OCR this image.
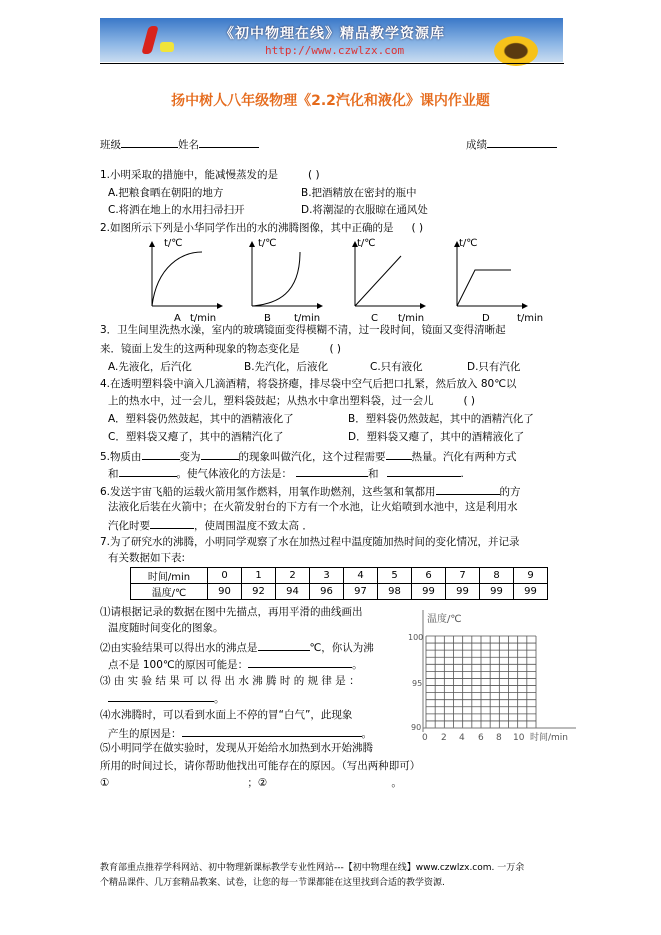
《初中物理在线》精品教学资源库
http://www.czwlzx.com
扬中树人八年级物理《2.2汽化和液化》课内作业题
班级	姓名	成绩
1.小明采取的措施中，能减慢蒸发的是	( )
A.把粮食晒在朝阳的地方	B.把酒精放在密封的瓶中
C.将洒在地上的水用扫帚扫开	D.将潮湿的衣服晾在通风处
2.如图所示下列是小华同学作出的水的沸腾图像，其中正确的是 ( )
t/℃
A t/min
t/℃
B t/min
t/℃
C t/min
t/℃
D	t/min
3．卫生间里洗热水澡，室内的玻璃镜面变得模糊不清，过一段时间，镜面又变得清晰起
来．镜面上发生的这两种现象的物态变化是	( )
A.先液化，后汽化	B.先汽化，后液化	C.只有液化	D.只有汽化
4.在透明塑料袋中滴入几滴酒精，将袋挤瘪，排尽袋中空气后把口扎紧，然后放入 80℃以
上的热水中，过一会儿，塑料袋鼓起；从热水中拿出塑料袋，过一会儿	( )
A．塑料袋仍然鼓起，其中的酒精液化了	B．塑料袋仍然鼓起，其中的酒精汽化了
C．塑料袋又瘪了，其中的酒精汽化了	D．塑料袋又瘪了，其中的酒精液化了
5.物质由	变为	的现象叫做汽化，这个过程需要 热量。汽化有两种方式
和	。使气体液化的方法是：	和	.
6.发送宇宙飞船的运载火箭用氢作燃料，用氧作助燃剂，这些氢和氧都用	的方
法液化后装在火箭中；在火箭发射台的下方有一个水池，让火焰喷到水池中，这是利用水
汽化时要	，使周围温度不致太高 ．
7.为了研究水的沸腾，小明同学观察了水在加热过程中温度随加热时间的变化情况，并记录
有关数据如下表:
时间/min	0	1	2	3	4	5	6	7	8	9
温度/℃	90	92	94	96	97	98	99	99	99	99
⑴请根据记录的数据在图中先描点，再用平滑的曲线画出
温度随时间变化的图象。
⑵由实验结果可以得出水的沸点是	℃，你认为沸
点不是 100℃的原因可能是：	。
⑶ 由 实 验 结 果 可 以 得 出 水 沸 腾 时 的 规 律 是 ：
。
⑷水沸腾时，可以看到水面上不停的冒“白气”，此现象
产生的原因是：	。
⑸小明同学在做实验时，发现从开始给水加热到水开始沸腾
所用的时间过长，请你帮助他找出可能存在的原因。（写出两种即可）
①	；②	。
温度/℃
100
95
90
0 2 4 6 8 10 时间/min
教育部重点推荐学科网站、初中物理新课标教学专业性网站---【初中物理在线】www.czwlzx.com. 一万余
个精品课件、几万套精品教案、试卷，让您的每一节课都能在这里找到合适的教学资源.
